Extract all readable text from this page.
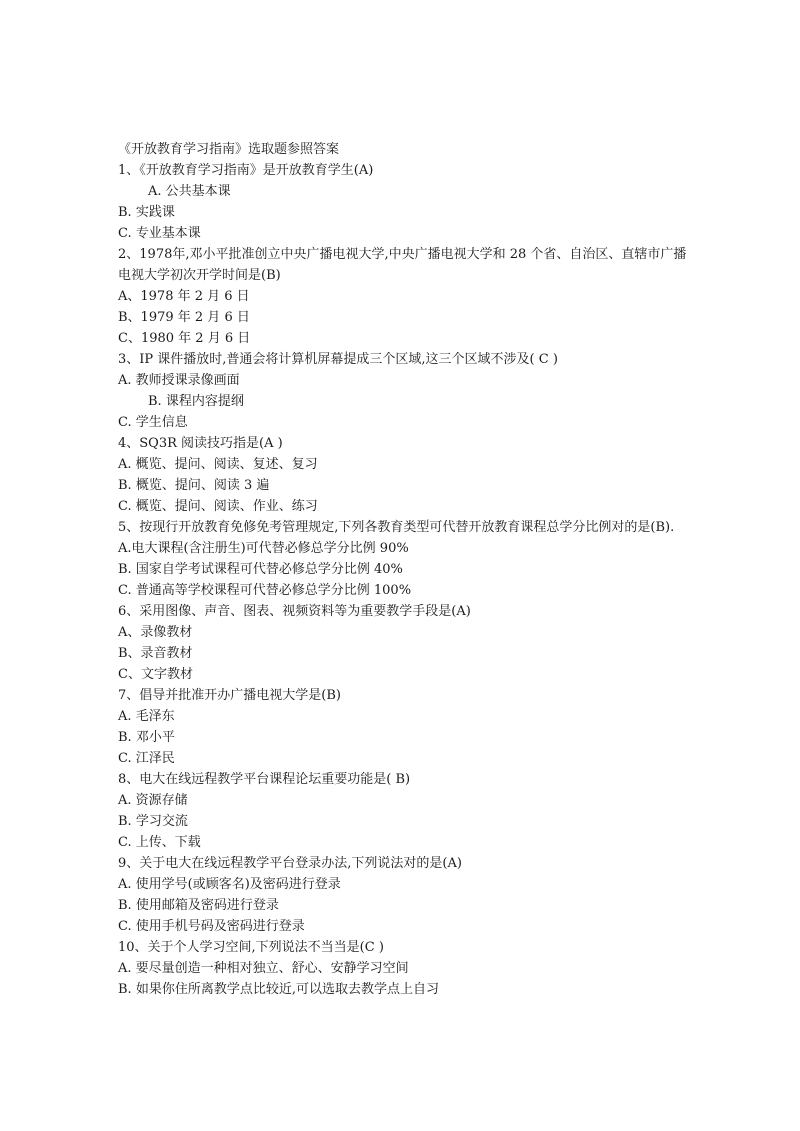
《开放教育学习指南》选取题参照答案
1、《开放教育学习指南》是开放教育学生(A)
A. 公共基本课
B. 实践课
C. 专业基本课
2、1978年,邓小平批准创立中央广播电视大学,中央广播电视大学和 28 个省、自治区、直辖市广播电视大学初次开学时间是(B)
A、1978 年 2 月 6 日
B、1979 年 2 月 6 日
C、1980 年 2 月 6 日
3、IP 课件播放时,普通会将计算机屏幕提成三个区域,这三个区域不涉及( C )
A. 教师授课录像画面
B. 课程内容提纲
C. 学生信息
4、SQ3R 阅读技巧指是(A )
A. 概览、提问、阅读、复述、复习
B. 概览、提问、阅读 3 遍
C. 概览、提问、阅读、作业、练习
5、按现行开放教育免修免考管理规定,下列各教育类型可代替开放教育课程总学分比例对的是(B).
A.电大课程(含注册生)可代替必修总学分比例 90%
B. 国家自学考试课程可代替必修总学分比例 40%
C. 普通高等学校课程可代替必修总学分比例 100%
6、采用图像、声音、图表、视频资料等为重要教学手段是(A)
A、录像教材
B、录音教材
C、文字教材
7、倡导并批准开办广播电视大学是(B)
A. 毛泽东
B. 邓小平
C. 江泽民
8、电大在线远程教学平台课程论坛重要功能是( B)
A. 资源存储
B. 学习交流
C. 上传、下载
9、关于电大在线远程教学平台登录办法,下列说法对的是(A)
A. 使用学号(或顾客名)及密码进行登录
B. 使用邮箱及密码进行登录
C. 使用手机号码及密码进行登录
10、关于个人学习空间,下列说法不当当是(C )
A. 要尽量创造一种相对独立、舒心、安静学习空间
B. 如果你住所离教学点比较近,可以选取去教学点上自习
